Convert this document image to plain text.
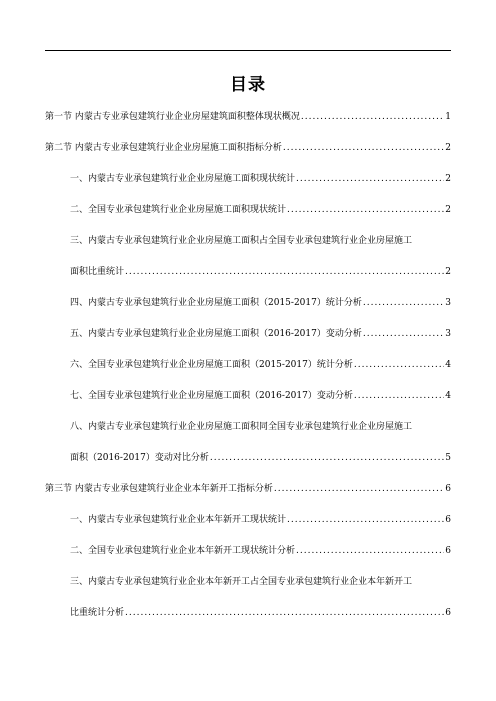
目录
第一节 内蒙古专业承包建筑行业企业房屋建筑面积整体现状概况 .....	1
第二节 内蒙古专业承包建筑行业企业房屋施工面积指标分析 .....	2
一、内蒙古专业承包建筑行业企业房屋施工面积现状统计 .....	2
二、全国专业承包建筑行业企业房屋施工面积现状统计 .....	2
三、内蒙古专业承包建筑行业企业房屋施工面积占全国专业承包建筑行业企业房屋施工
面积比重统计 .....	2
四、内蒙古专业承包建筑行业企业房屋施工面积（2015-2017）统计分析 .....	3
五、内蒙古专业承包建筑行业企业房屋施工面积（2016-2017）变动分析 .....	3
六、全国专业承包建筑行业企业房屋施工面积（2015-2017）统计分析 .....	4
七、全国专业承包建筑行业企业房屋施工面积（2016-2017）变动分析 .....	4
八、内蒙古专业承包建筑行业企业房屋施工面积同全国专业承包建筑行业企业房屋施工
面积（2016-2017）变动对比分析 .....	5
第三节 内蒙古专业承包建筑行业企业本年新开工指标分析 .....	6
一、内蒙古专业承包建筑行业企业本年新开工现状统计 .....	6
二、全国专业承包建筑行业企业本年新开工现状统计分析 .....	6
三、内蒙古专业承包建筑行业企业本年新开工占全国专业承包建筑行业企业本年新开工
比重统计分析 .....	6
